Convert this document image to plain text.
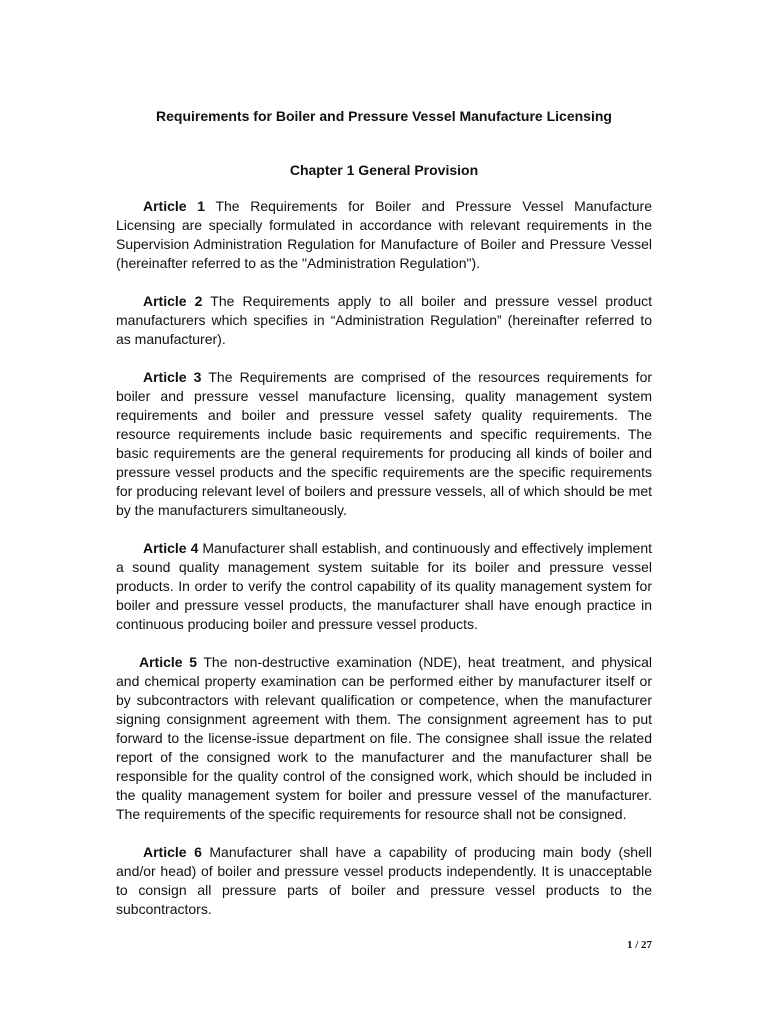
Requirements for Boiler and Pressure Vessel Manufacture Licensing
Chapter 1 General Provision

Article 1 The Requirements for Boiler and Pressure Vessel Manufacture Licensing are specially formulated in accordance with relevant requirements in the Supervision Administration Regulation for Manufacture of Boiler and Pressure Vessel (hereinafter referred to as the "Administration Regulation").

Article 2 The Requirements apply to all boiler and pressure vessel product manufacturers which specifies in “Administration Regulation” (hereinafter referred to as manufacturer).

Article 3 The Requirements are comprised of the resources requirements for boiler and pressure vessel manufacture licensing, quality management system requirements and boiler and pressure vessel safety quality requirements. The resource requirements include basic requirements and specific requirements. The basic requirements are the general requirements for producing all kinds of boiler and pressure vessel products and the specific requirements are the specific requirements for producing relevant level of boilers and pressure vessels, all of which should be met by the manufacturers simultaneously.

Article 4 Manufacturer shall establish, and continuously and effectively implement a sound quality management system suitable for its boiler and pressure vessel products. In order to verify the control capability of its quality management system for boiler and pressure vessel products, the manufacturer shall have enough practice in continuous producing boiler and pressure vessel products.

Article 5 The non-destructive examination (NDE), heat treatment, and physical and chemical property examination can be performed either by manufacturer itself or by subcontractors with relevant qualification or competence, when the manufacturer signing consignment agreement with them. The consignment agreement has to put forward to the license-issue department on file. The consignee shall issue the related report of the consigned work to the manufacturer and the manufacturer shall be responsible for the quality control of the consigned work, which should be included in the quality management system for boiler and pressure vessel of the manufacturer. The requirements of the specific requirements for resource shall not be consigned.

Article 6 Manufacturer shall have a capability of producing main body (shell and/or head) of boiler and pressure vessel products independently. It is unacceptable to consign all pressure parts of boiler and pressure vessel products to the subcontractors.

1 / 27
